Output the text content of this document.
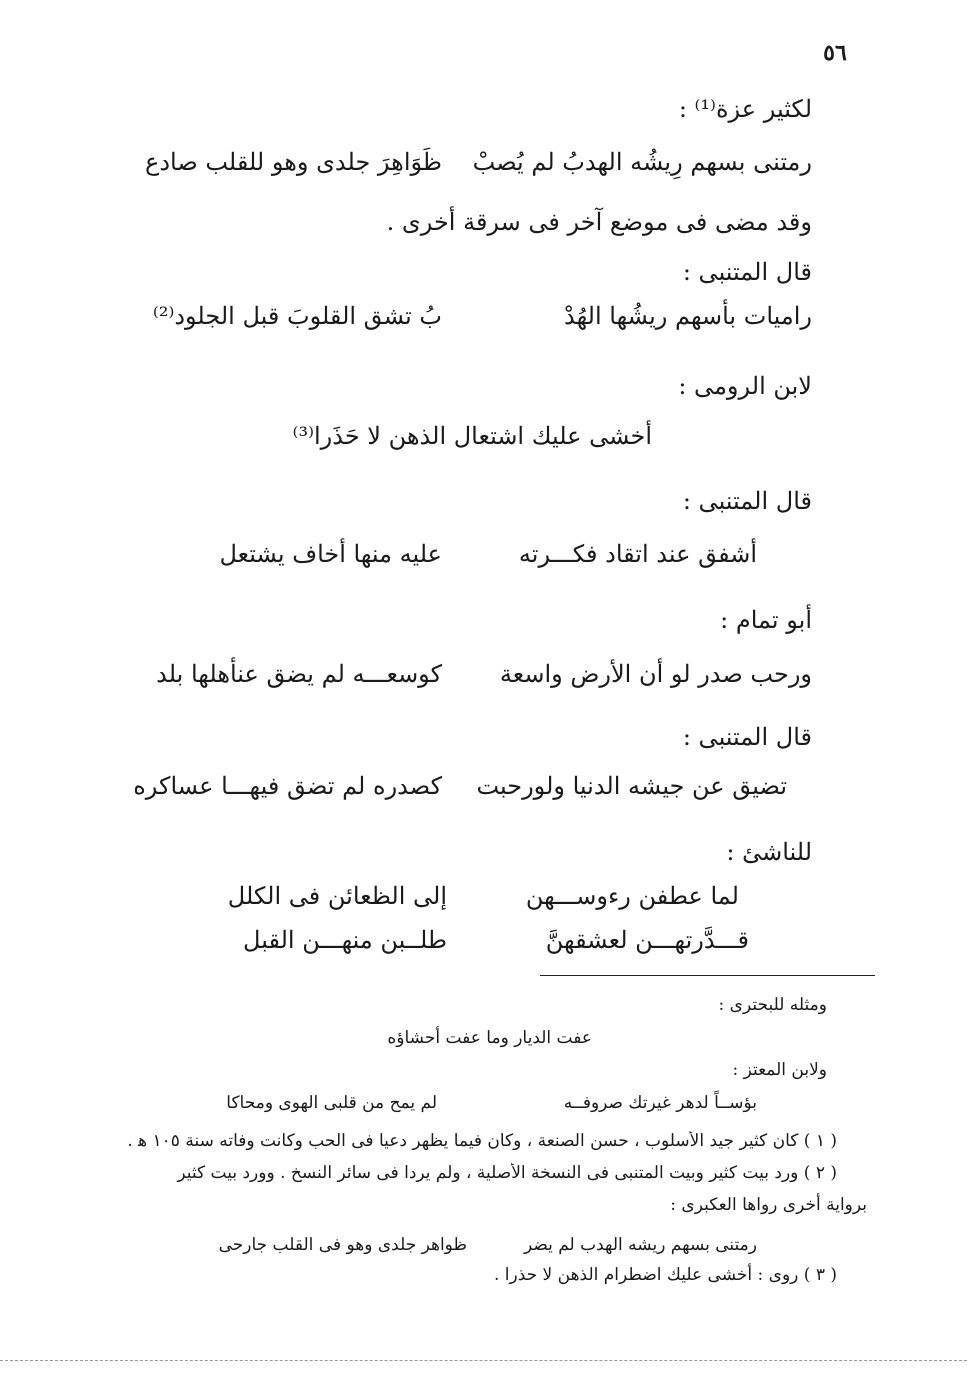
٥٦
لكثير عزة⁽¹⁾ :
رمتنى بسهم رِيشُه الهدبُ لم يُصبْ
ظَوَاهِرَ جلدى وهو للقلب صادع
وقد مضى فى موضع آخر فى سرقة أخرى .
قال المتنبى :
راميات بأسهم ريشُها الهُدْ
بُ تشق القلوبَ قبل الجلود⁽²⁾
لابن الرومى :
أخشى عليك اشتعال الذهن لا حَذَرا⁽³⁾
قال المتنبى :
أشفق عند اتقاد فكـــرته
عليه منها أخاف يشتعل
أبو تمام :
ورحب صدر لو أن الأرض واسعة
كوسعـــه لم يضق عنأهلها بلد
قال المتنبى :
تضيق عن جيشه الدنيا ولورحبت
كصدره لم تضق فيهـــا عساكره
للناشئ :
لما عطفن رءوســـهن
إلى الظعائن فى الكلل
قـــدَّرتهـــن لعشقهنَّ
طلــبن منهـــن القبل
ومثله للبحترى :
عفت الديار وما عفت أحشاؤه
ولابن المعتز :
بؤســاً لدهر غيرتك صروفــه
لم يمح من قلبى الهوى ومحاكا
( ١ ) كان كثير جيد الأسلوب ، حسن الصنعة ، وكان فيما يظهر دعيا فى الحب وكانت وفاته سنة ١٠٥ ﻫ .
( ٢ ) ورد بيت كثير وبيت المتنبى فى النسخة الأصلية ، ولم يردا فى سائر النسخ . وورد بيت كثير
برواية أخرى رواها العكبرى :
رمتنى بسهم ريشه الهدب لم يضر
ظواهر جلدى وهو فى القلب جارحى
( ٣ ) روى : أخشى عليك اضطرام الذهن لا حذرا .
